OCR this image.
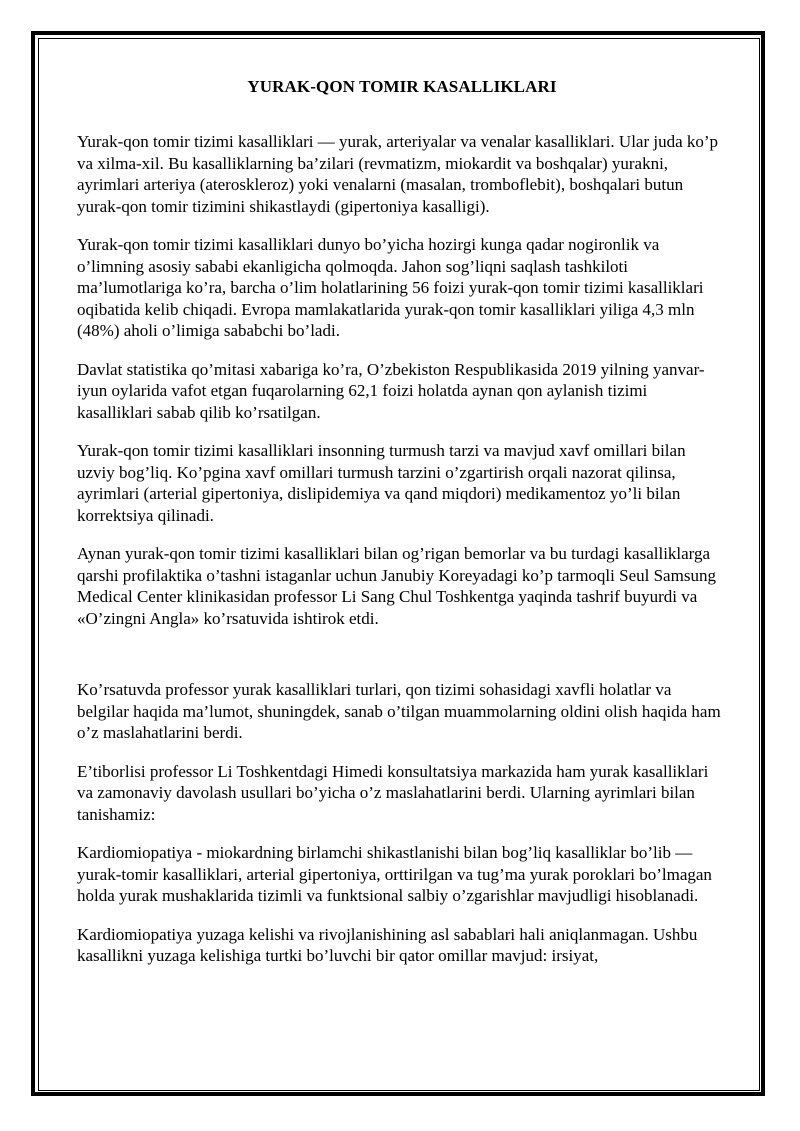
YURAK-QON TOMIR KASALLIKLARI

Yurak-qon tomir tizimi kasalliklari — yurak, arteriyalar va venalar kasalliklari. Ular juda ko’p va xilma-xil. Bu kasalliklarning ba’zilari (revmatizm, miokardit va boshqalar) yurakni, ayrimlari arteriya (ateroskleroz) yoki venalarni (masalan, tromboflebit), boshqalari butun yurak-qon tomir tizimini shikastlaydi (gipertoniya kasalligi).

Yurak-qon tomir tizimi kasalliklari dunyo bo’yicha hozirgi kunga qadar nogironlik va o’limning asosiy sababi ekanligicha qolmoqda. Jahon sog’liqni saqlash tashkiloti ma’lumotlariga ko’ra, barcha o’lim holatlarining 56 foizi yurak-qon tomir tizimi kasalliklari oqibatida kelib chiqadi. Evropa mamlakatlarida yurak-qon tomir kasalliklari yiliga 4,3 mln (48%) aholi o’limiga sababchi bo’ladi.

Davlat statistika qo’mitasi xabariga ko’ra, O’zbekiston Respublikasida 2019 yilning yanvar-iyun oylarida vafot etgan fuqarolarning 62,1 foizi holatda aynan qon aylanish tizimi kasalliklari sabab qilib ko’rsatilgan.

Yurak-qon tomir tizimi kasalliklari insonning turmush tarzi va mavjud xavf omillari bilan uzviy bog’liq. Ko’pgina xavf omillari turmush tarzini o’zgartirish orqali nazorat qilinsa, ayrimlari (arterial gipertoniya, dislipidemiya va qand miqdori) medikamentoz yo’li bilan korrektsiya qilinadi.

Aynan yurak-qon tomir tizimi kasalliklari bilan og’rigan bemorlar va bu turdagi kasalliklarga qarshi profilaktika o’tashni istaganlar uchun Janubiy Koreyadagi ko’p tarmoqli Seul Samsung Medical Center klinikasidan professor Li Sang Chul Toshkentga yaqinda tashrif buyurdi va «O’zingni Angla» ko’rsatuvida ishtirok etdi.

Ko’rsatuvda professor yurak kasalliklari turlari, qon tizimi sohasidagi xavfli holatlar va belgilar haqida ma’lumot, shuningdek, sanab o’tilgan muammolarning oldini olish haqida ham o’z maslahatlarini berdi.

E’tiborlisi professor Li Toshkentdagi Himedi konsultatsiya markazida ham yurak kasalliklari va zamonaviy davolash usullari bo’yicha o’z maslahatlarini berdi. Ularning ayrimlari bilan tanishamiz:

Kardiomiopatiya - miokardning birlamchi shikastlanishi bilan bog’liq kasalliklar bo’lib — yurak-tomir kasalliklari, arterial gipertoniya, orttirilgan va tug’ma yurak poroklari bo’lmagan holda yurak mushaklarida tizimli va funktsional salbiy o’zgarishlar mavjudligi hisoblanadi.

Kardiomiopatiya yuzaga kelishi va rivojlanishining asl sabablari hali aniqlanmagan. Ushbu kasallikni yuzaga kelishiga turtki bo’luvchi bir qator omillar mavjud: irsiyat,
